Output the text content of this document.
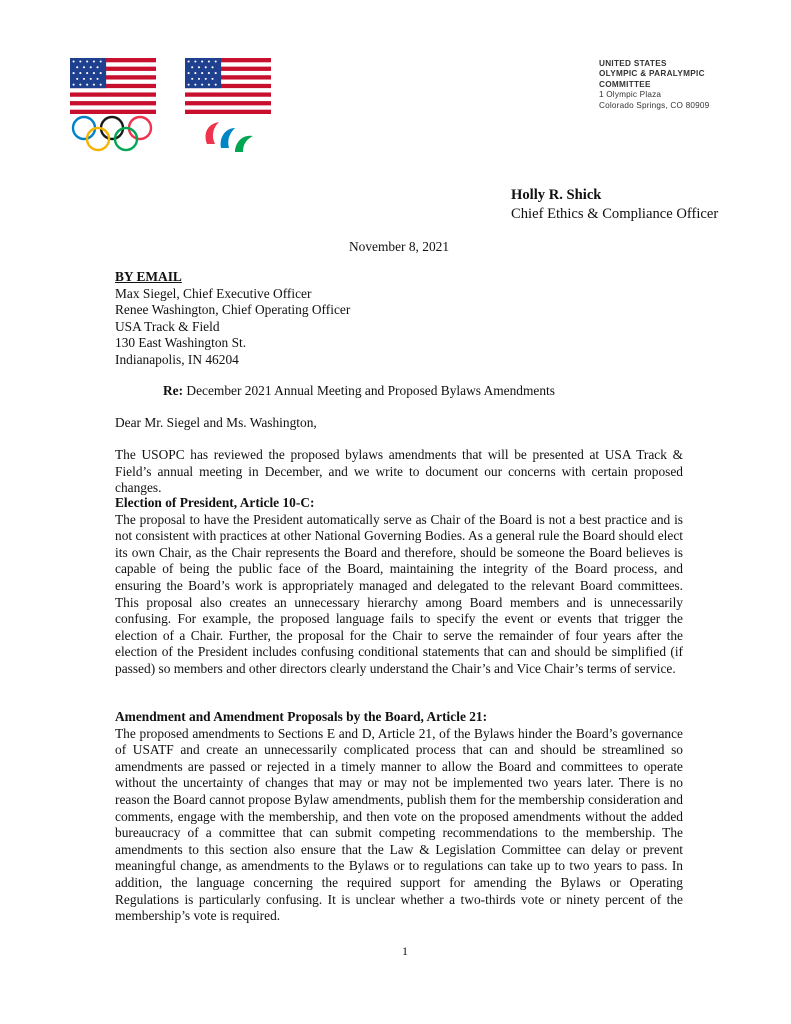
UNITED STATES
OLYMPIC & PARALYMPIC
COMMITTEE
1 Olympic Plaza
Colorado Springs, CO 80909
Holly R. Shick
Chief Ethics & Compliance Officer
November 8, 2021
BY EMAIL
Max Siegel, Chief Executive Officer
Renee Washington, Chief Operating Officer
USA Track & Field
130 East Washington St.
Indianapolis, IN 46204
Re: December 2021 Annual Meeting and Proposed Bylaws Amendments
Dear Mr. Siegel and Ms. Washington,
The USOPC has reviewed the proposed bylaws amendments that will be presented at USA Track & Field’s annual meeting in December, and we write to document our concerns with certain proposed changes.
Election of President, Article 10-C:
The proposal to have the President automatically serve as Chair of the Board is not a best practice and is not consistent with practices at other National Governing Bodies. As a general rule the Board should elect its own Chair, as the Chair represents the Board and therefore, should be someone the Board believes is capable of being the public face of the Board, maintaining the integrity of the Board process, and ensuring the Board’s work is appropriately managed and delegated to the relevant Board committees. This proposal also creates an unnecessary hierarchy among Board members and is unnecessarily confusing. For example, the proposed language fails to specify the event or events that trigger the election of a Chair. Further, the proposal for the Chair to serve the remainder of four years after the election of the President includes confusing conditional statements that can and should be simplified (if passed) so members and other directors clearly understand the Chair’s and Vice Chair’s terms of service.
Amendment and Amendment Proposals by the Board, Article 21:
The proposed amendments to Sections E and D, Article 21, of the Bylaws hinder the Board’s governance of USATF and create an unnecessarily complicated process that can and should be streamlined so amendments are passed or rejected in a timely manner to allow the Board and committees to operate without the uncertainty of changes that may or may not be implemented two years later. There is no reason the Board cannot propose Bylaw amendments, publish them for the membership consideration and comments, engage with the membership, and then vote on the proposed amendments without the added bureaucracy of a committee that can submit competing recommendations to the membership. The amendments to this section also ensure that the Law & Legislation Committee can delay or prevent meaningful change, as amendments to the Bylaws or to regulations can take up to two years to pass. In addition, the language concerning the required support for amending the Bylaws or Operating Regulations is particularly confusing. It is unclear whether a two-thirds vote or ninety percent of the membership’s vote is required.
1
